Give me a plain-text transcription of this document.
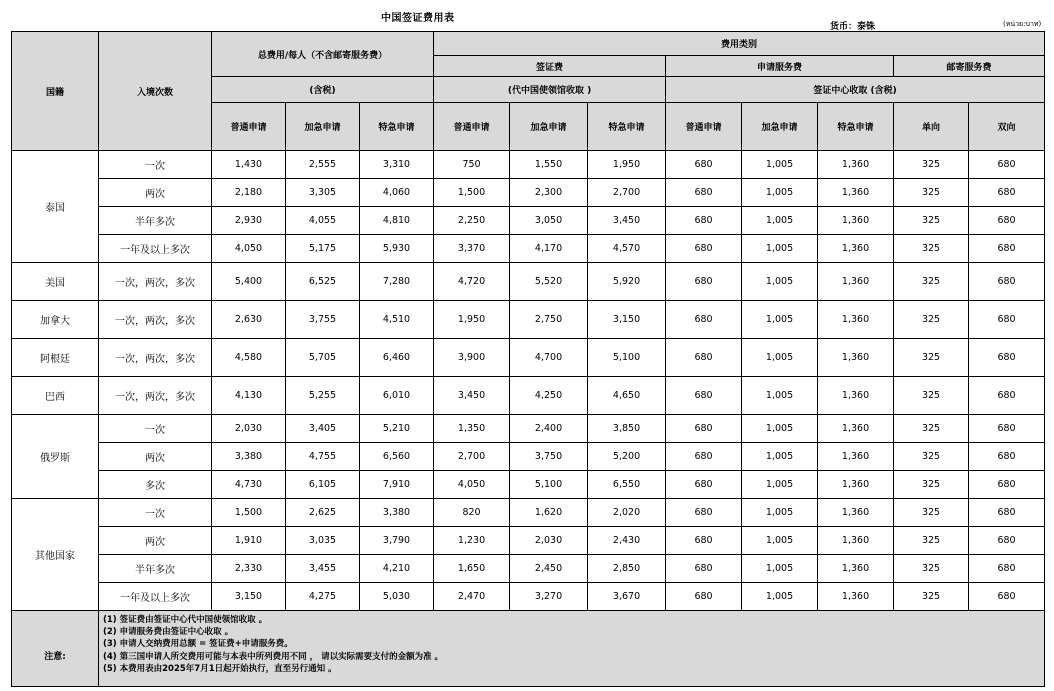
中国签证费用表
货币：泰铢	(หน่วย:บาท)
国籍	入境次数	总费用/每人（不含邮寄服务费）			费用类别							
					签证费			申请服务费			邮寄服务费	
		(含税)			(代中国使领馆收取 )			签证中心收取 (含税)				
		普通申请	加急申请	特急申请	普通申请	加急申请	特急申请	普通申请	加急申请	特急申请	单向	双向
泰国	一次	1,430	2,555	3,310	750	1,550	1,950	680	1,005	1,360	325	680
	两次	2,180	3,305	4,060	1,500	2,300	2,700	680	1,005	1,360	325	680
	半年多次	2,930	4,055	4,810	2,250	3,050	3,450	680	1,005	1,360	325	680
	一年及以上多次	4,050	5,175	5,930	3,370	4,170	4,570	680	1,005	1,360	325	680
美国	一次，两次，多次	5,400	6,525	7,280	4,720	5,520	5,920	680	1,005	1,360	325	680
加拿大	一次，两次，多次	2,630	3,755	4,510	1,950	2,750	3,150	680	1,005	1,360	325	680
阿根廷	一次，两次，多次	4,580	5,705	6,460	3,900	4,700	5,100	680	1,005	1,360	325	680
巴西	一次，两次，多次	4,130	5,255	6,010	3,450	4,250	4,650	680	1,005	1,360	325	680
俄罗斯	一次	2,030	3,405	5,210	1,350	2,400	3,850	680	1,005	1,360	325	680
	两次	3,380	4,755	6,560	2,700	3,750	5,200	680	1,005	1,360	325	680
	多次	4,730	6,105	7,910	4,050	5,100	6,550	680	1,005	1,360	325	680
其他国家	一次	1,500	2,625	3,380	820	1,620	2,020	680	1,005	1,360	325	680
	两次	1,910	3,035	3,790	1,230	2,030	2,430	680	1,005	1,360	325	680
	半年多次	2,330	3,455	4,210	1,650	2,450	2,850	680	1,005	1,360	325	680
	一年及以上多次	3,150	4,275	5,030	2,470	3,270	3,670	680	1,005	1,360	325	680
注意:	(1) 签证费由签证中心代中国使领馆收取 。
(2) 申请服务费由签证中心收取 。
(3) 申请人交纳费用总额 = 签证费+申请服务费。
(4) 第三国申请人所交费用可能与本表中所列费用不同 ， 请以实际需要支付的金额为准 。
(5) 本费用表由2025年7月1日起开始执行，直至另行通知 。											
